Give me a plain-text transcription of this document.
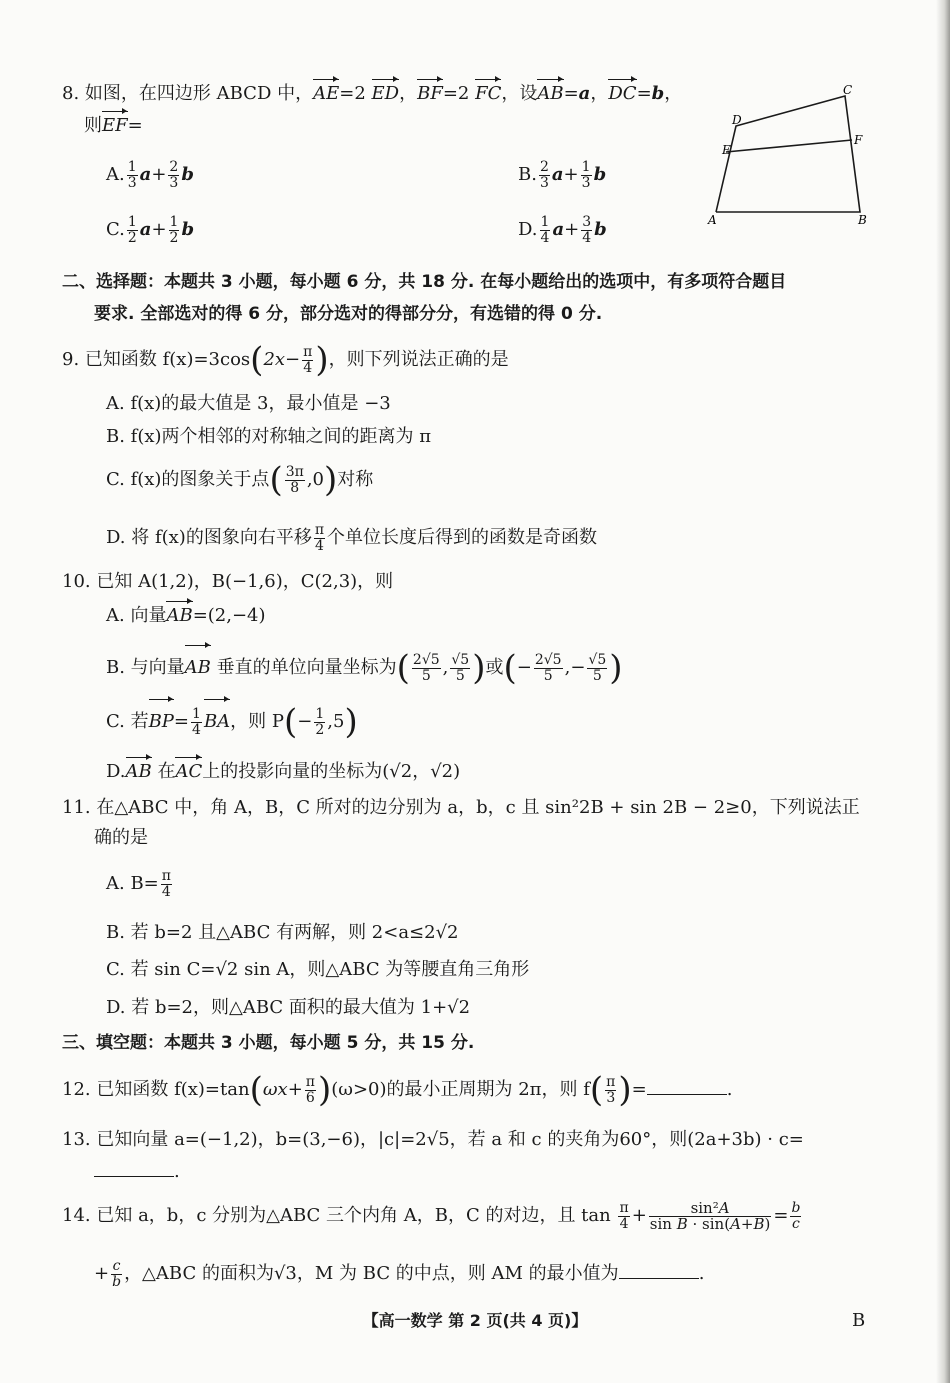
8. 如图，在四边形 ABCD 中，AE=2 ED，BF=2 FC，设AB=a，DC=b，
则EF=
A. $\frac{1}{3} a+ \frac{2}{3}$ b	B. $\frac{2}{3} a+ \frac{1}{3}$ b
C. $\frac{1}{2} a+ \frac{1}{2}$ b	D. $\frac{1}{4} a+ \frac{3}{4}$ b	A	B
C
D
E
F
二、选择题：本题共 3 小题，每小题 6 分，共 18 分. 在每小题给出的选项中，有多项符合题目
要求. 全部选对的得 6 分，部分选对的得部分分，有选错的得 0 分.
9. 已知函数 $f(x)=3\cos(2x- \frac{\pi}{4}$ )，则下列说法正确的是
A. f(x)的最大值是 3，最小值是 −3
B. f(x)两个相邻的对称轴之间的距离为 π
C. f(x)的图象关于点( $\frac{3\pi}{8} ,0$)对称
D. 将 f(x)的图象向右平移 $\frac{\pi}{4}$ 个单位长度后得到的函数是奇函数
10. 已知 A(1,2)，B(−1,6)，C(2,3)，则
A. 向量AB=(2,−4)
B. 与向量AB 垂直的单位向量坐标为( $\frac{2√5}{5}$ , $\frac{√5}{5}$ )或(− $\frac{2√5}{5}$ ,− $\frac{√5}{5}$ )
C. 若$BP= \frac{1}{4}$ BA，则 $P(- \frac{1}{2} ,5)$
D.AB 在AC上的投影向量的坐标为(√2，√2)
11. 在△ABC 中，角 A，B，C 所对的边分别为 a，b，c 且 sin²2B + sin 2B − 2≥0，下列说法正
确的是
A. $B= \frac{\pi}{4}$
B. 若 b=2 且△ABC 有两解，则 2<a≤2√2
C. 若 sin C=√2 sin A，则△ABC 为等腰直角三角形
D. 若 b=2，则△ABC 面积的最大值为 1+√2
三、填空题：本题共 3 小题，每小题 5 分，共 15 分.
12. 已知函数 $f(x)=\tan(\omega x+ \frac{\pi}{6} )(\omega>0)$的最小正周期为 2π，则 $f( \frac{\pi}{3}$ )=	.
13. 已知向量 a=(−1,2)，b=(3,−6)，|c|=2√5，若 a 和 c 的夹角为60°，则(2a+3b) · c=
.
14. 已知 a，b，c 分别为△ABC 三个内角 A，B，C 的对边，且 $\tan \frac{\pi}{4} + \frac{\text{sin²A}}{\text{sin B · sin(A+B)}} = \frac{b}{c}$
+ $\frac{c}{b}$ ，△ABC 的面积为√3，M 为 BC 的中点，则 AM 的最小值为	.
【高一数学 第 2 页(共 4 页)】	B
